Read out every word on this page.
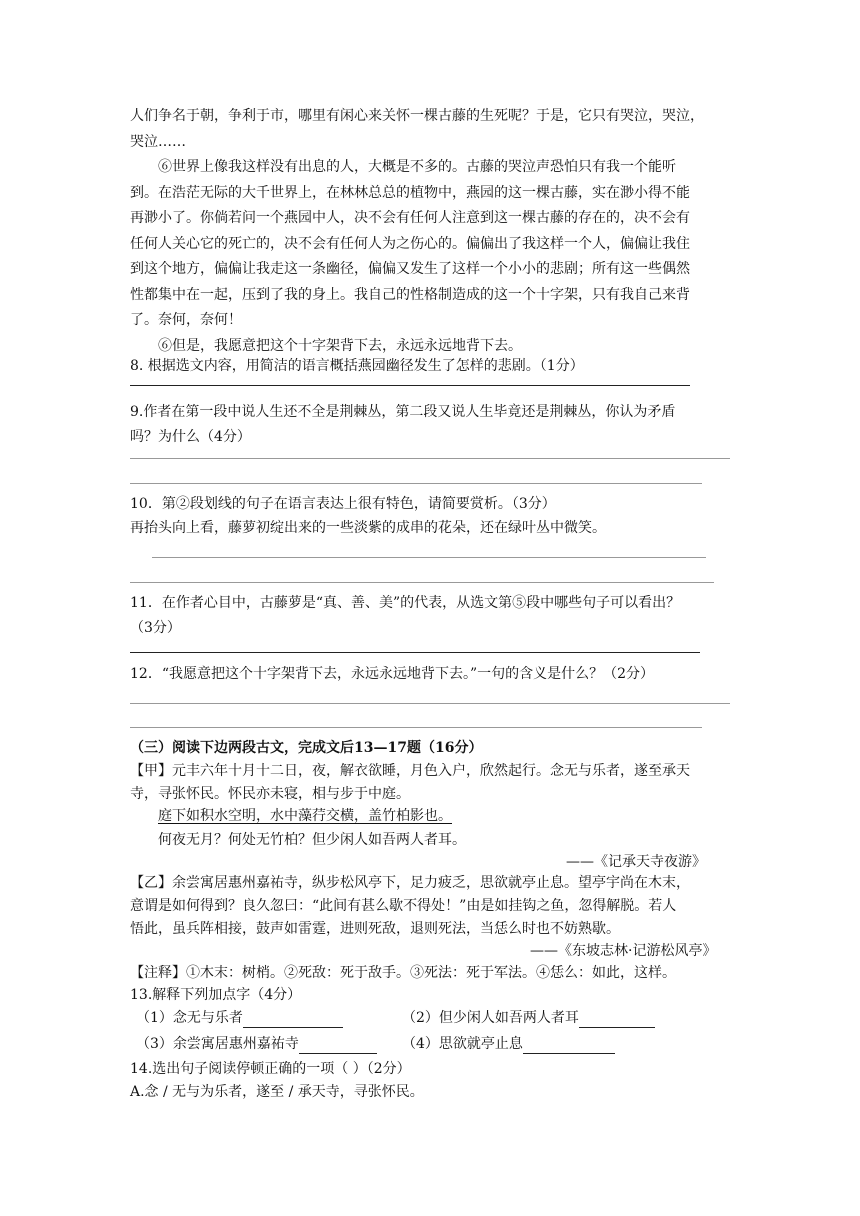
人们争名于朝，争利于市，哪里有闲心来关怀一棵古藤的生死呢？于是，它只有哭泣，哭泣，
哭泣……
⑥世界上像我这样没有出息的人，大概是不多的。古藤的哭泣声恐怕只有我一个能听
到。在浩茫无际的大千世界上，在林林总总的植物中，燕园的这一棵古藤，实在渺小得不能
再渺小了。你倘若问一个燕园中人，决不会有任何人注意到这一棵古藤的存在的，决不会有
任何人关心它的死亡的，决不会有任何人为之伤心的。偏偏出了我这样一个人，偏偏让我住
到这个地方，偏偏让我走这一条幽径，偏偏又发生了这样一个小小的悲剧；所有这一些偶然
性都集中在一起，压到了我的身上。我自己的性格制造成的这一个十字架，只有我自己来背
了。奈何，奈何！
⑥但是，我愿意把这个十字架背下去，永远永远地背下去。
8. 根据选文内容，用简洁的语言概括燕园幽径发生了怎样的悲剧。（1分）
9.作者在第一段中说人生还不全是荆棘丛，第二段又说人生毕竟还是荆棘丛，你认为矛盾
吗？为什么（4分）
10．第②段划线的句子在语言表达上很有特色，请简要赏析。（3分）
再抬头向上看，藤萝初绽出来的一些淡紫的成串的花朵，还在绿叶丛中微笑。
11．在作者心目中，古藤萝是“真、善、美”的代表，从选文第⑤段中哪些句子可以看出？
（3分）
12．“我愿意把这个十字架背下去，永远永远地背下去。”一句的含义是什么？（2分）
（三）阅读下边两段古文，完成文后13—17题（16分）
【甲】元丰六年十月十二日，夜，解衣欲睡，月色入户，欣然起行。念无与乐者，遂至承天
寺，寻张怀民。怀民亦未寝，相与步于中庭。
庭下如积水空明，水中藻荇交横，盖竹柏影也。
何夜无月？何处无竹柏？但少闲人如吾两人者耳。
——《记承天寺夜游》
【乙】余尝寓居惠州嘉祐寺，纵步松风亭下，足力疲乏，思欲就亭止息。望亭宇尚在木末，
意谓是如何得到？良久忽曰：“此间有甚么歇不得处！”由是如挂钩之鱼，忽得解脱。若人
悟此，虽兵阵相接，鼓声如雷霆，进则死敌，退则死法，当恁么时也不妨熟歇。
——《东坡志林·记游松风亭》
【注释】①木末：树梢。②死敌：死于敌手。③死法：死于军法。④恁么：如此，这样。
13.解释下列加点字（4分）
（1）念无与乐者	（2）但少闲人如吾两人者耳
（3）余尝寓居惠州嘉祐寺	（4）思欲就亭止息
14.选出句子阅读停顿正确的一项（ ）（2分）
A.念 / 无与为乐者，遂至 / 承天寺，寻张怀民。
